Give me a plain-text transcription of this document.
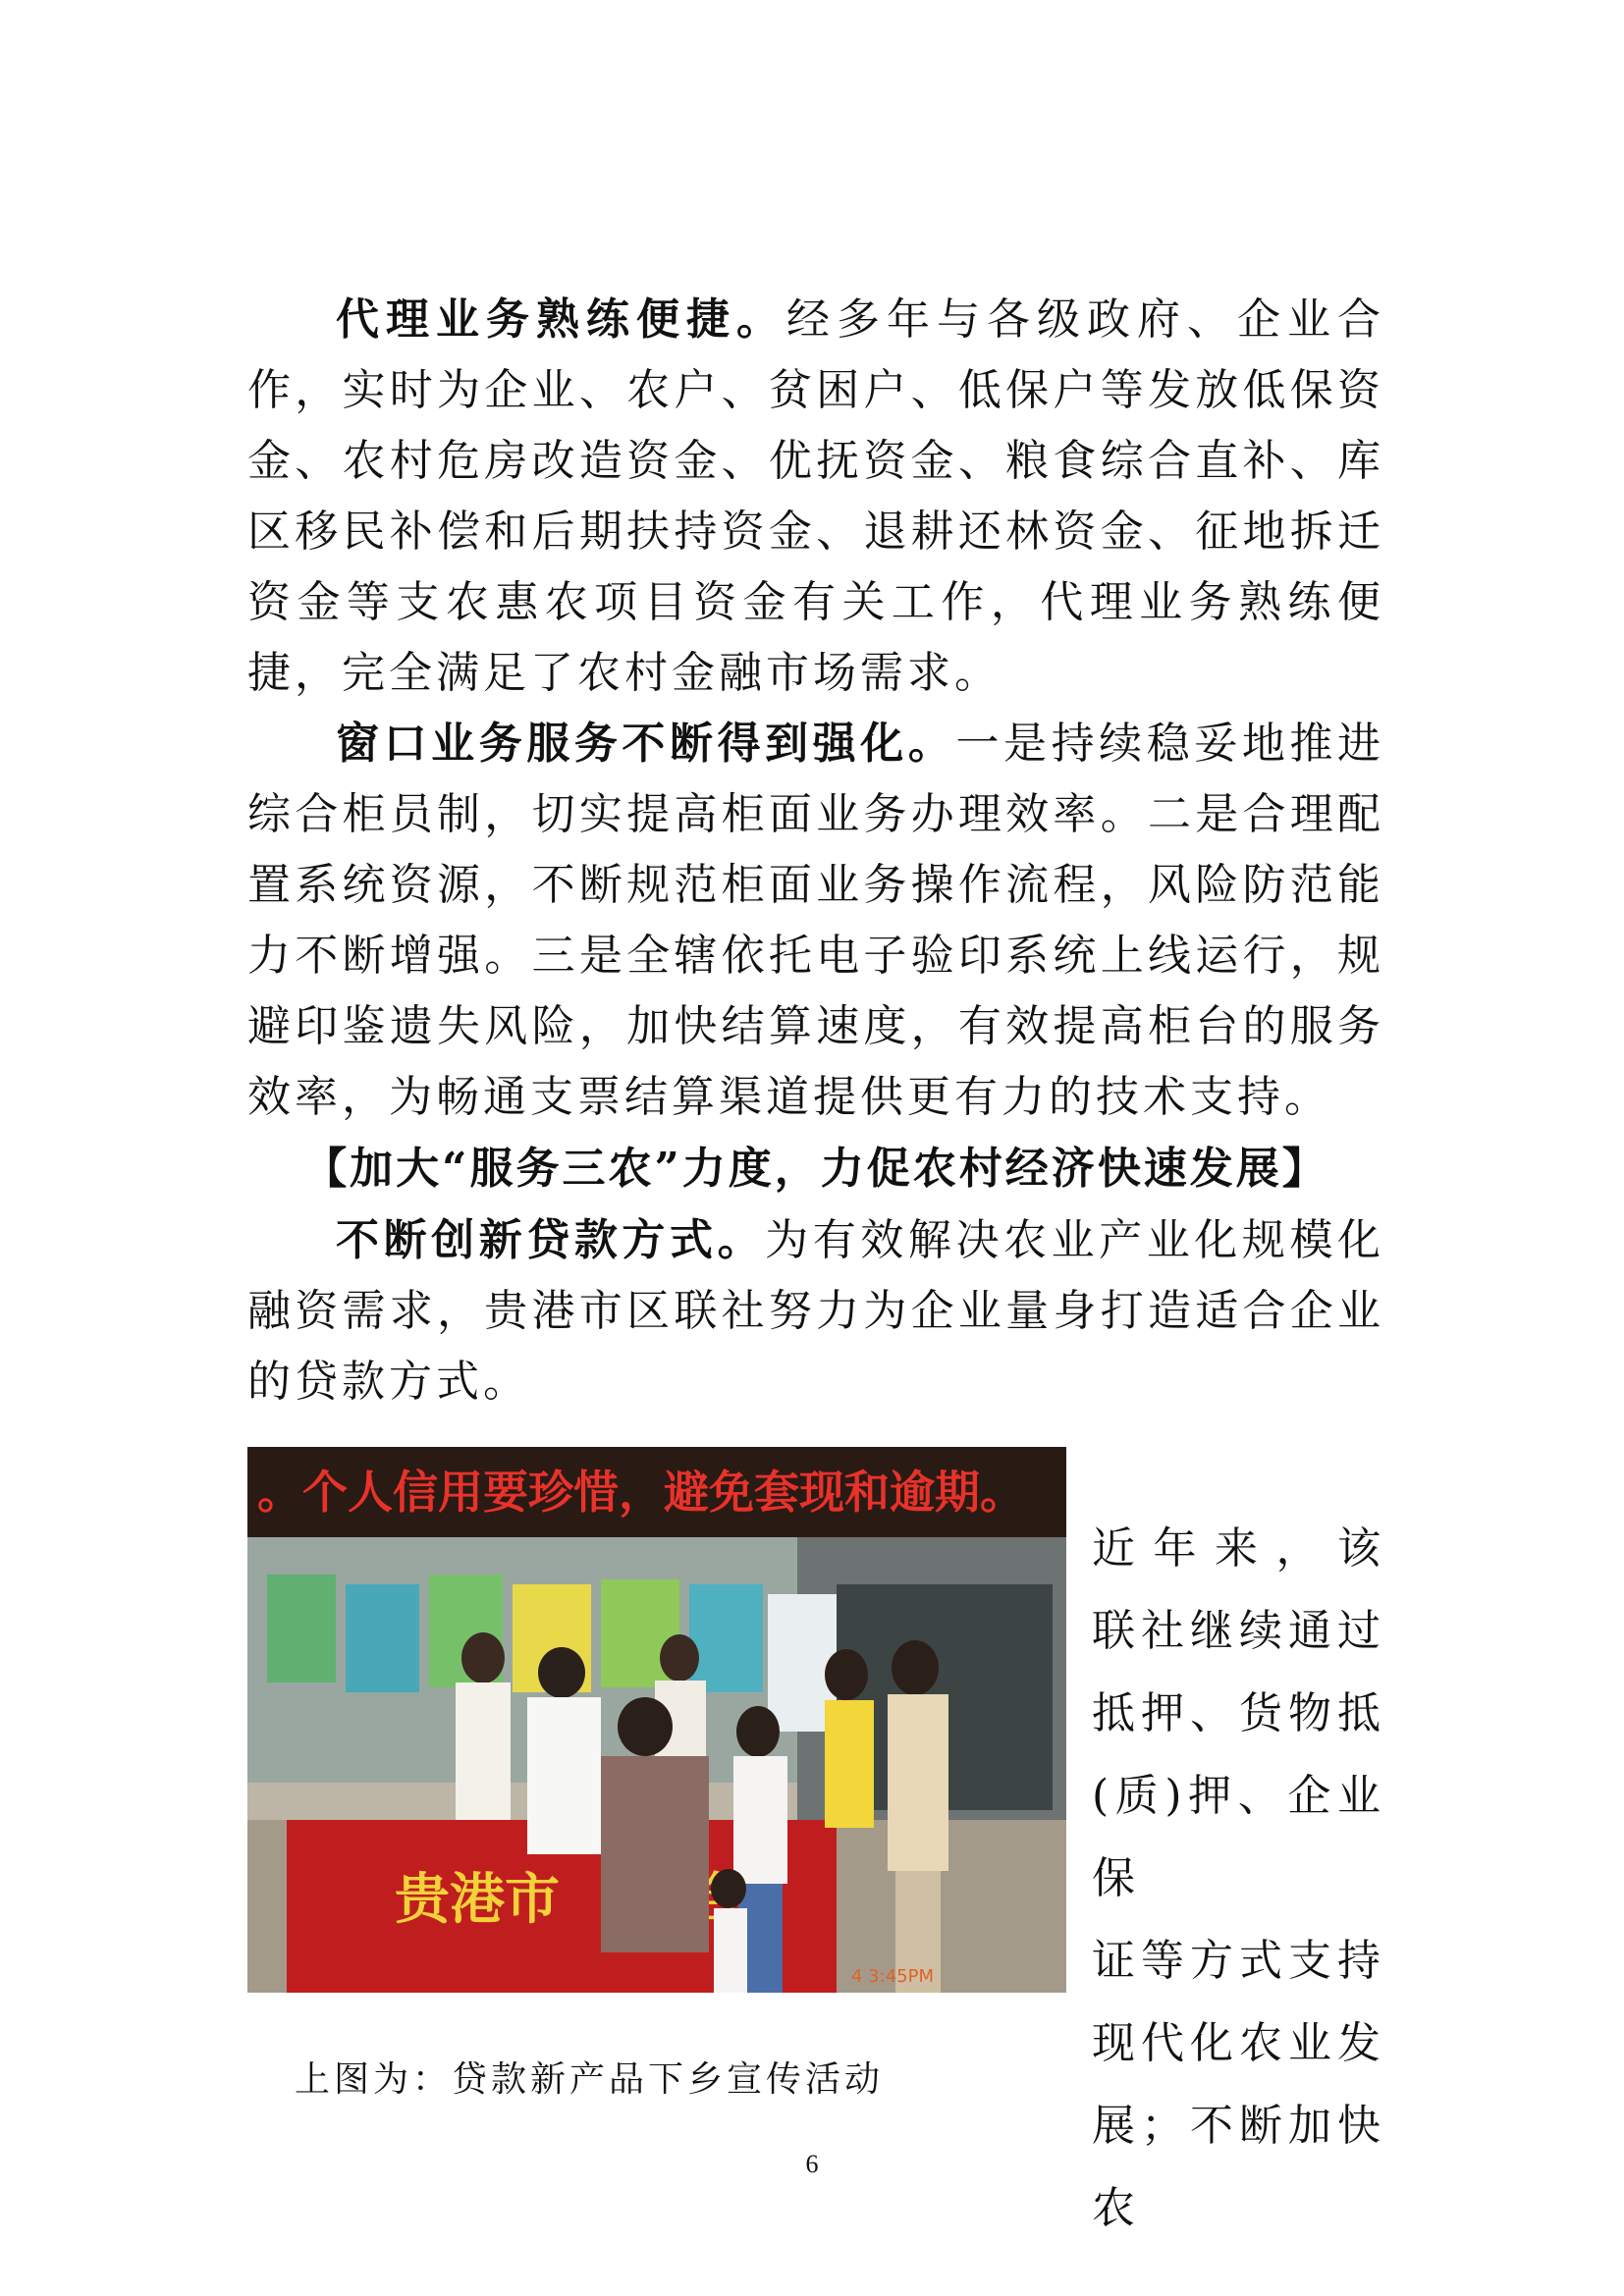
代理业务熟练便捷。经多年与各级政府、企业合作，实时为企业、农户、贫困户、低保户等发放低保资金、农村危房改造资金、优抚资金、粮食综合直补、库区移民补偿和后期扶持资金、退耕还林资金、征地拆迁资金等支农惠农项目资金有关工作，代理业务熟练便捷，完全满足了农村金融市场需求。

窗口业务服务不断得到强化。一是持续稳妥地推进综合柜员制，切实提高柜面业务办理效率。二是合理配置系统资源，不断规范柜面业务操作流程，风险防范能力不断增强。三是全辖依托电子验印系统上线运行，规避印鉴遗失风险，加快结算速度，有效提高柜台的服务效率，为畅通支票结算渠道提供更有力的技术支持。

【加大“服务三农”力度，力促农村经济快速发展】

不断创新贷款方式。为有效解决农业产业化规模化融资需求，贵港市区联社努力为企业量身打造适合企业的贷款方式。

。个人信用要珍惜，避免套现和逾期。
贵港市
4 3:45PM
近年来，该
联社继续通过
抵押、货物抵
(质)押、企业保
证等方式支持
现代化农业发
展；不断加快农
上图为：贷款新产品下乡宣传活动
6
